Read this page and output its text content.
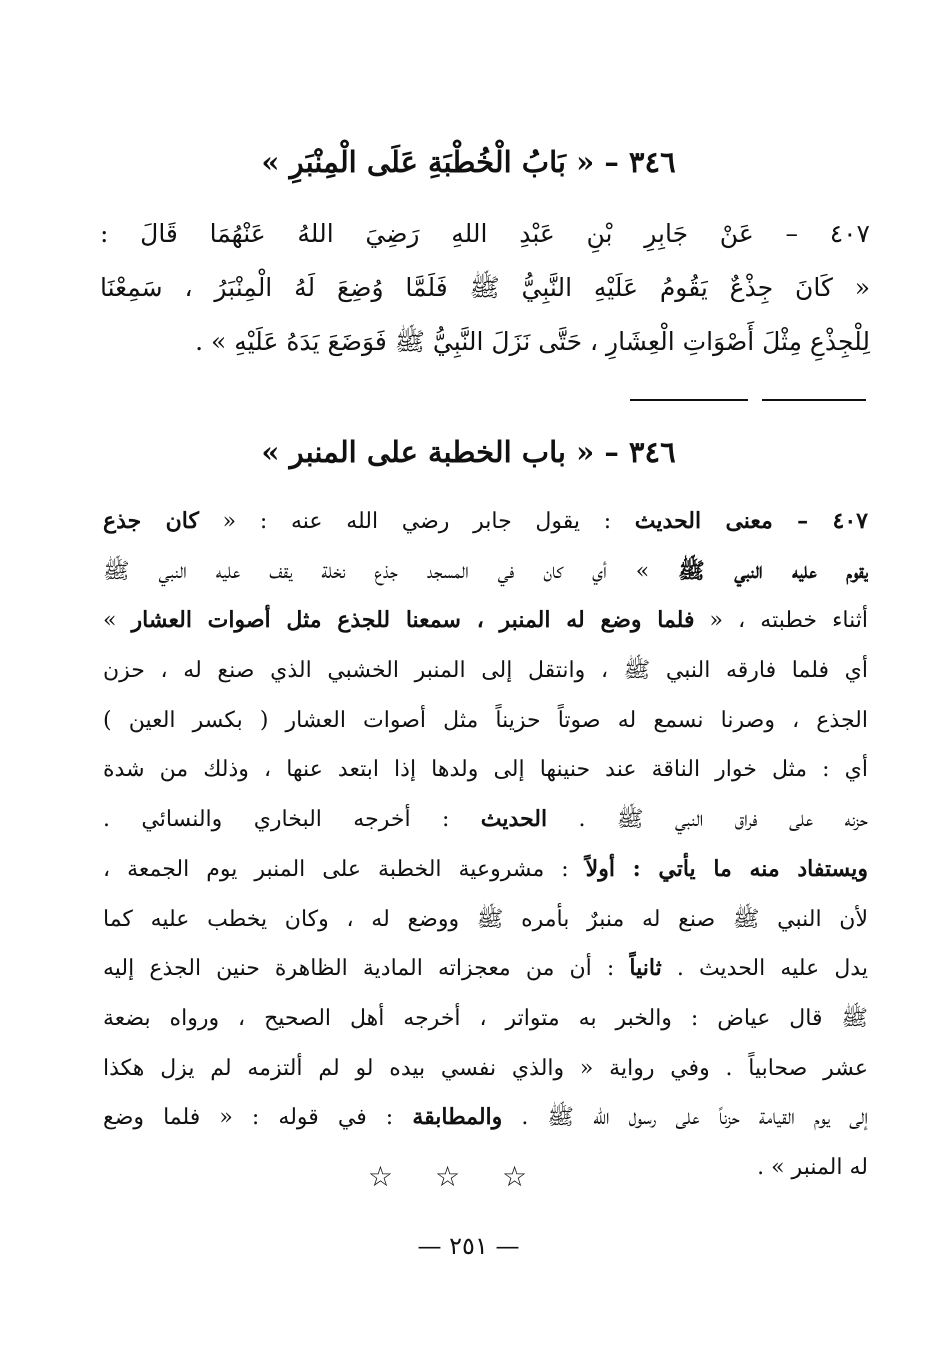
٣٤٦ – « بَابُ الْخُطْبَةِ عَلَى الْمِنْبَرِ »
٤٠٧ – عَنْ جَابِرِ بْنِ عَبْدِ اللهِ رَضِيَ اللهُ عَنْهُمَا قَالَ :
« كَانَ جِذْعٌ يَقُومُ عَلَيْهِ النَّبِيُّ ﷺ فَلَمَّا وُضِعَ لَهُ الْمِنْبَرُ ، سَمِعْنَا
لِلْجِذْعِ مِثْلَ أَصْوَاتِ الْعِشَارِ ، حَتَّى نَزَلَ النَّبِيُّ ﷺ فَوَضَعَ يَدَهُ عَلَيْهِ » .
٣٤٦ – « باب الخطبة على المنبر »
٤٠٧ – معنى الحديث : يقول جابر رضي الله عنه : « كان جذع
يقوم عليه النبي ﷺ » أي كان في المسجد جذع نخلة يقف عليه النبي ﷺ
أثناء خطبته ، « فلما وضع له المنبر ، سمعنا للجذع مثل أصوات العشار »
أي فلما فارقه النبي ﷺ ، وانتقل إلى المنبر الخشبي الذي صنع له ، حزن
الجذع ، وصرنا نسمع له صوتاً حزيناً مثل أصوات العشار ( بكسر العين )
أي : مثل خوار الناقة عند حنينها إلى ولدها إذا ابتعد عنها ، وذلك من شدة
حزنه على فراق النبي ﷺ . الحديث : أخرجه البخاري والنسائي .
ويستفاد منه ما يأتي : أولاً : مشروعية الخطبة على المنبر يوم الجمعة ،
لأن النبي ﷺ صنع له منبرٌ بأمره ﷺ ووضع له ، وكان يخطب عليه كما
يدل عليه الحديث . ثانياً : أن من معجزاته المادية الظاهرة حنين الجذع إليه
ﷺ قال عياض : والخبر به متواتر ، أخرجه أهل الصحيح ، ورواه بضعة
عشر صحابياً . وفي رواية « والذي نفسي بيده لو لم ألتزمه لم يزل هكذا
إلى يوم القيامة حزناً على رسول الله ﷺ . والمطابقة : في قوله : « فلما وضع
له المنبر » .
☆☆☆
— ٢٥١ —
